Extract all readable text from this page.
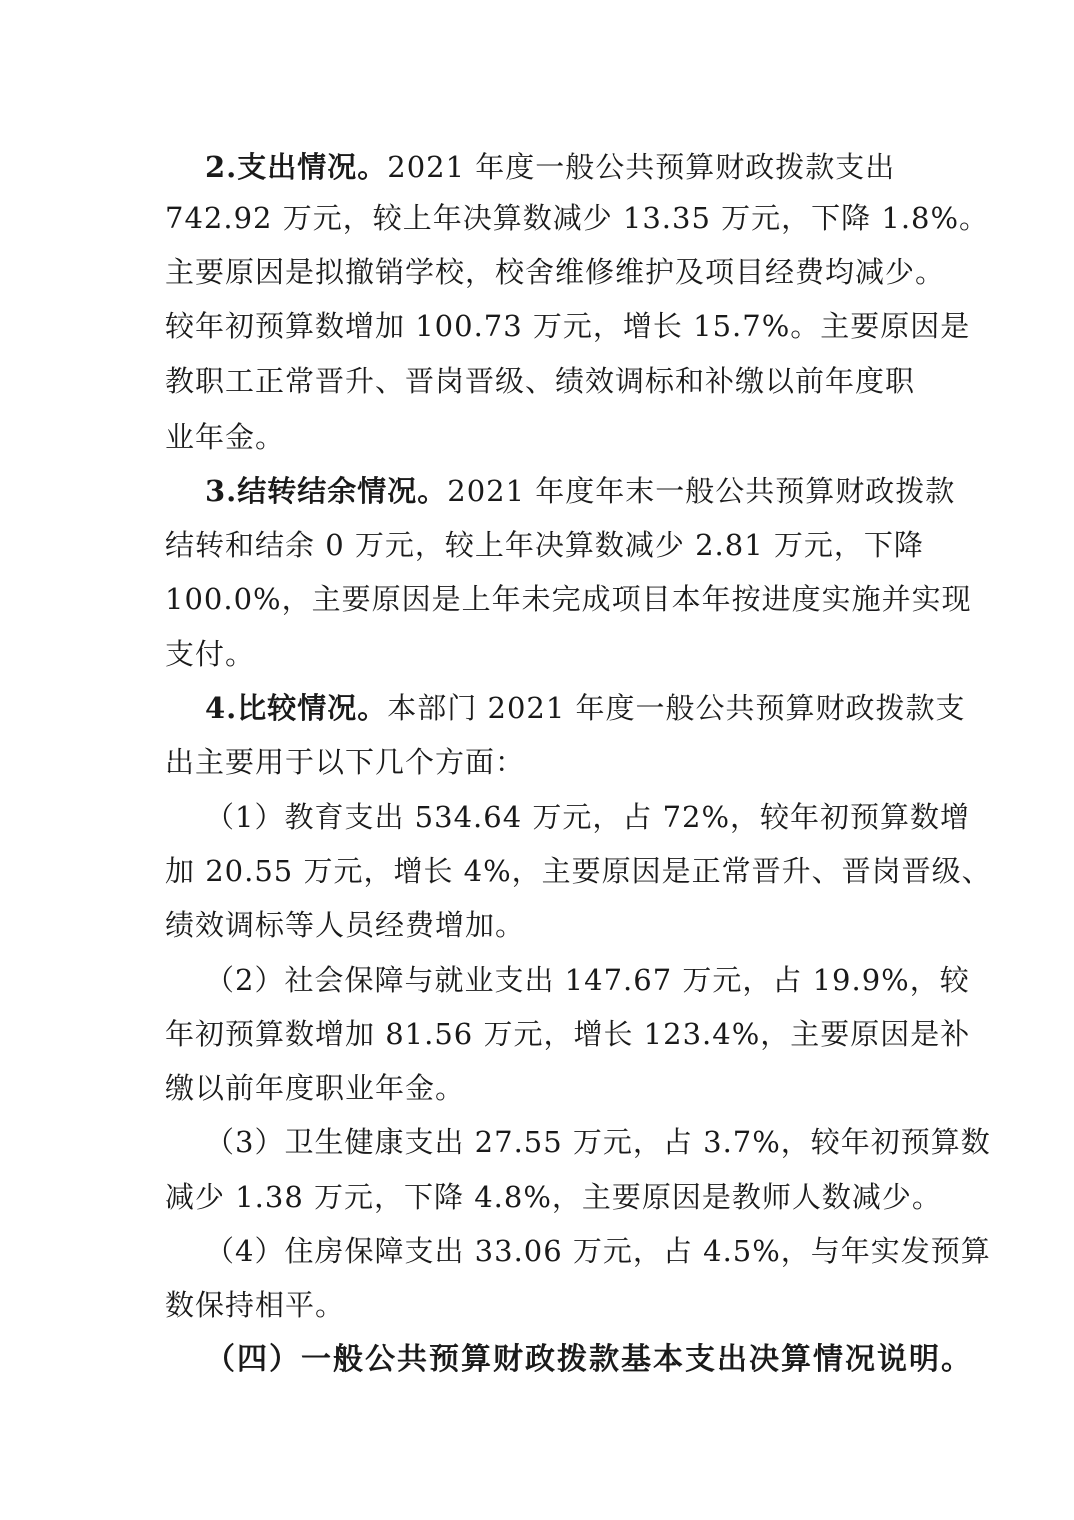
2.支出情况。2021 年度一般公共预算财政拨款支出
742.92 万元，较上年决算数减少 13.35 万元，下降 1.8%。
主要原因是拟撤销学校，校舍维修维护及项目经费均减少。
较年初预算数增加 100.73 万元，增长 15.7%。主要原因是
教职工正常晋升、晋岗晋级、绩效调标和补缴以前年度职
业年金。
3.结转结余情况。2021 年度年末一般公共预算财政拨款
结转和结余 0 万元，较上年决算数减少 2.81 万元，下降
100.0%，主要原因是上年未完成项目本年按进度实施并实现
支付。
4.比较情况。本部门 2021 年度一般公共预算财政拨款支
出主要用于以下几个方面：
（1）教育支出 534.64 万元，占 72%，较年初预算数增
加 20.55 万元，增长 4%，主要原因是正常晋升、晋岗晋级、
绩效调标等人员经费增加。
（2）社会保障与就业支出 147.67 万元，占 19.9%，较
年初预算数增加 81.56 万元，增长 123.4%，主要原因是补
缴以前年度职业年金。
（3）卫生健康支出 27.55 万元，占 3.7%，较年初预算数
减少 1.38 万元，下降 4.8%，主要原因是教师人数减少。
（4）住房保障支出 33.06 万元，占 4.5%，与年实发预算
数保持相平。
（四）一般公共预算财政拨款基本支出决算情况说明。
